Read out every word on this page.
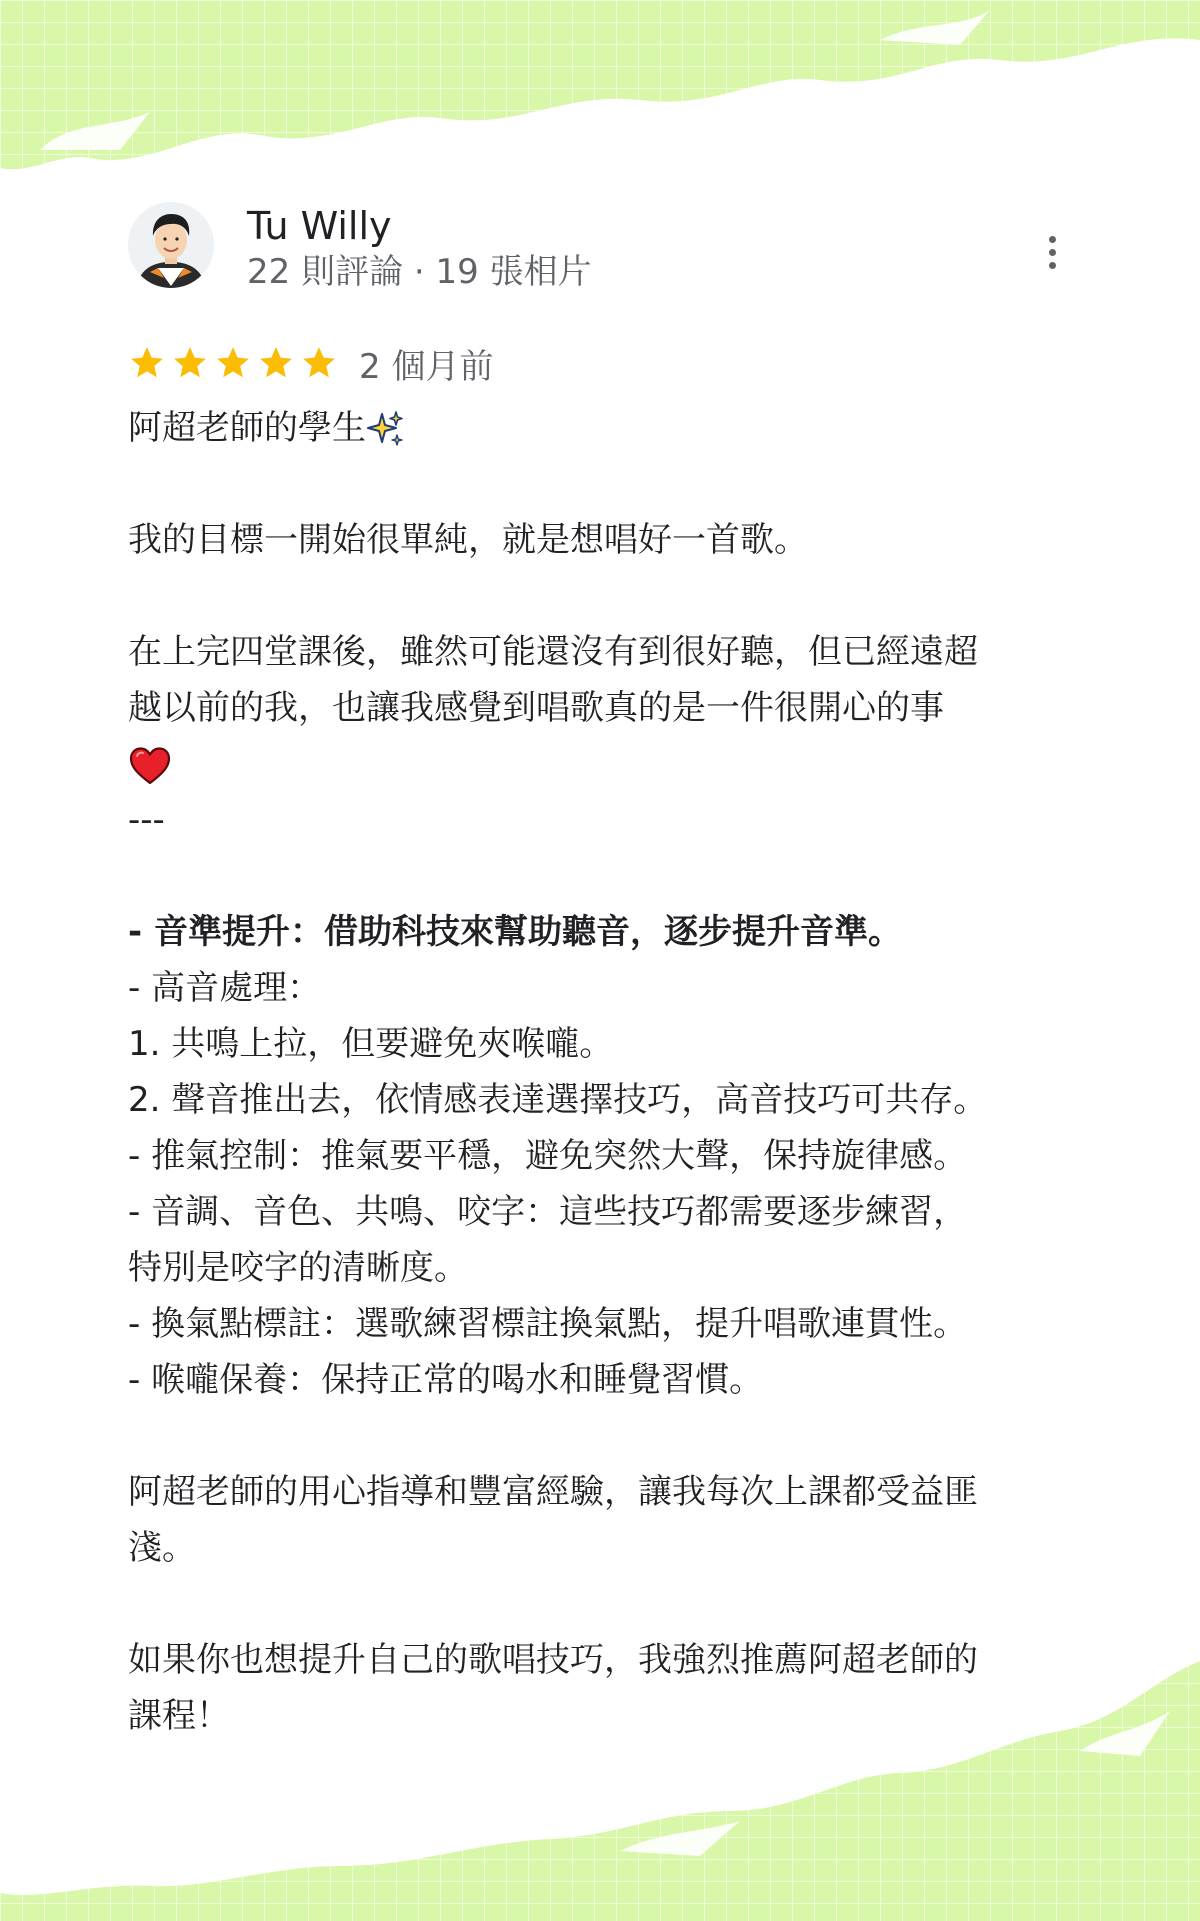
Tu Willy
22 則評論 · 19 張相片
2 個月前

阿超老師的學生

我的目標一開始很單純，就是想唱好一首歌。

在上完四堂課後，雖然可能還沒有到很好聽，但已經遠超

越以前的我，也讓我感覺到唱歌真的是一件很開心的事

---

- 音準提升：借助科技來幫助聽音，逐步提升音準。

- 高音處理：

1. 共鳴上拉，但要避免夾喉嚨。

2. 聲音推出去，依情感表達選擇技巧，高音技巧可共存。

- 推氣控制：推氣要平穩，避免突然大聲，保持旋律感。

- 音調、音色、共鳴、咬字：這些技巧都需要逐步練習，

特別是咬字的清晰度。

- 換氣點標註：選歌練習標註換氣點，提升唱歌連貫性。

- 喉嚨保養：保持正常的喝水和睡覺習慣。

阿超老師的用心指導和豐富經驗，讓我每次上課都受益匪

淺。

如果你也想提升自己的歌唱技巧，我強烈推薦阿超老師的

課程！
